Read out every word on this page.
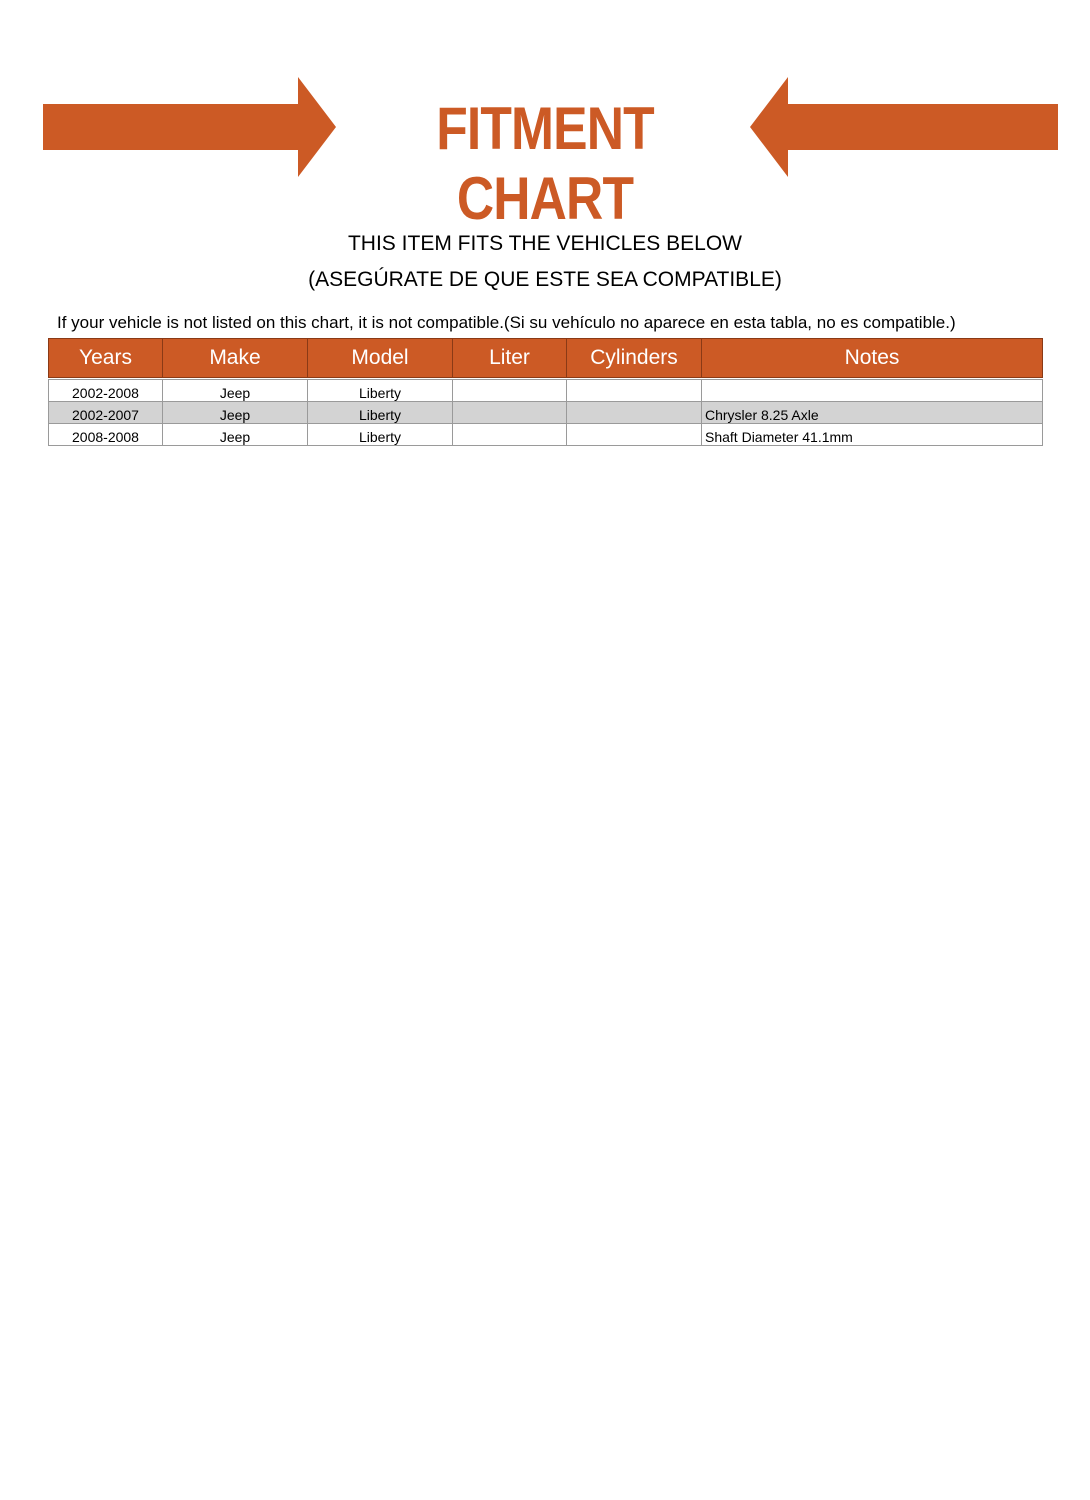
FITMENT CHART
THIS ITEM FITS THE VEHICLES BELOW
(ASEGÚRATE DE QUE ESTE SEA COMPATIBLE)
If your vehicle is not listed on this chart, it is not compatible.(Si su vehículo no aparece en esta tabla, no es compatible.)
Years	Make	Model	Liter	Cylinders	Notes

2002-2008	Jeep	Liberty			
2002-2007	Jeep	Liberty			Chrysler 8.25 Axle
2008-2008	Jeep	Liberty			Shaft Diameter 41.1mm
